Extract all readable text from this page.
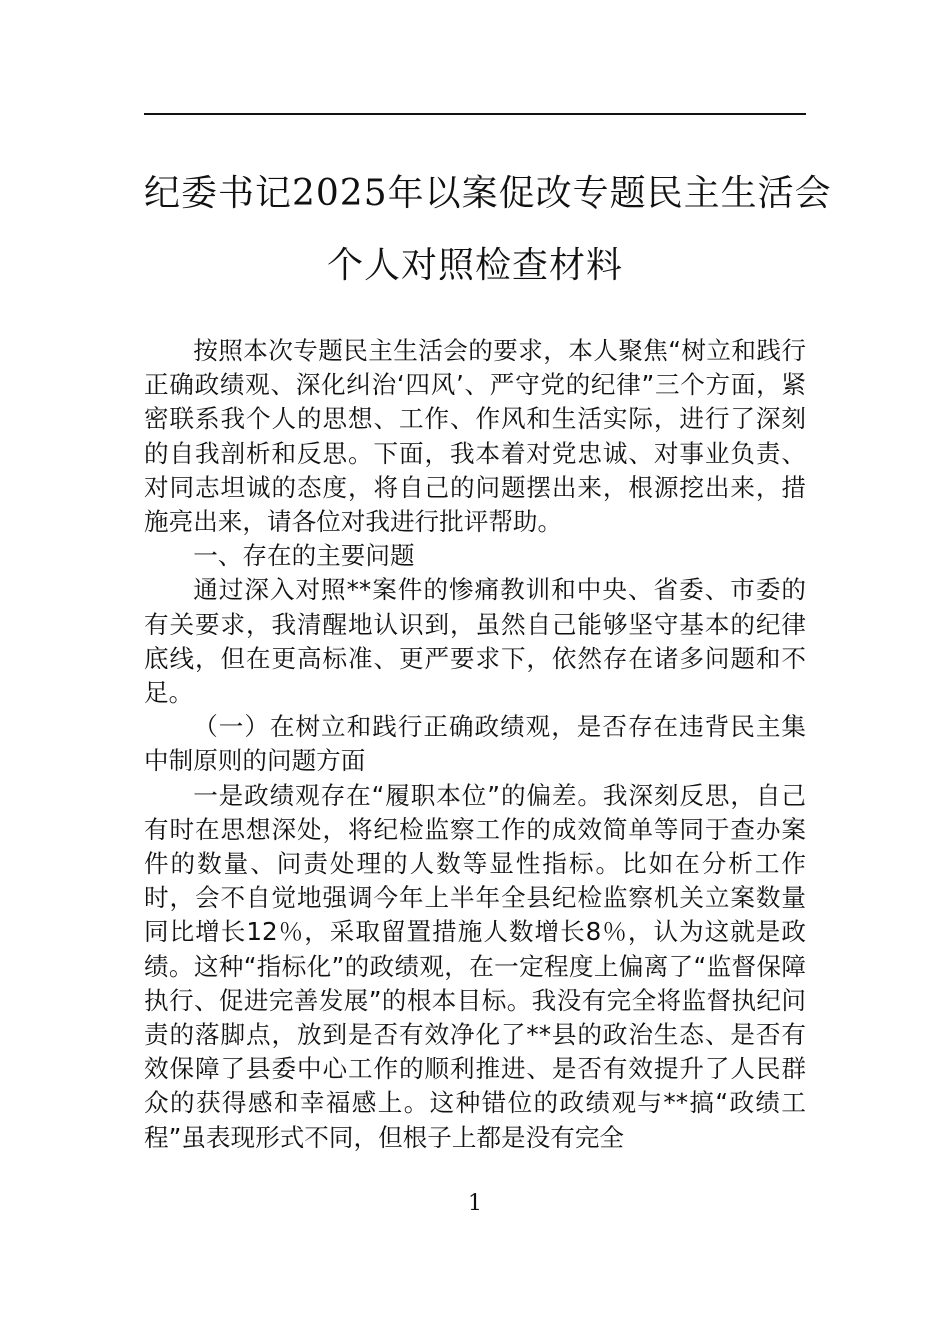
纪委书记2025年以案促改专题民主生活会
个人对照检查材料

按照本次专题民主生活会的要求，本人聚焦“树立和践行正确政绩观、深化纠治‘四风’、严守党的纪律”三个方面，紧密联系我个人的思想、工作、作风和生活实际，进行了深刻的自我剖析和反思。下面，我本着对党忠诚、对事业负责、对同志坦诚的态度，将自己的问题摆出来，根源挖出来，措施亮出来，请各位对我进行批评帮助。

一、存在的主要问题

通过深入对照**案件的惨痛教训和中央、省委、市委的有关要求，我清醒地认识到，虽然自己能够坚守基本的纪律底线，但在更高标准、更严要求下，依然存在诸多问题和不足。

（一）在树立和践行正确政绩观，是否存在违背民主集中制原则的问题方面

一是政绩观存在“履职本位”的偏差。我深刻反思，自己有时在思想深处，将纪检监察工作的成效简单等同于查办案件的数量、问责处理的人数等显性指标。比如在分析工作时，会不自觉地强调今年上半年全县纪检监察机关立案数量同比增长12％，采取留置措施人数增长8％，认为这就是政绩。这种“指标化”的政绩观，在一定程度上偏离了“监督保障执行、促进完善发展”的根本目标。我没有完全将监督执纪问责的落脚点，放到是否有效净化了**县的政治生态、是否有效保障了县委中心工作的顺利推进、是否有效提升了人民群众的获得感和幸福感上。这种错位的政绩观与**搞“政绩工程”虽表现形式不同，但根子上都是没有完全

1
